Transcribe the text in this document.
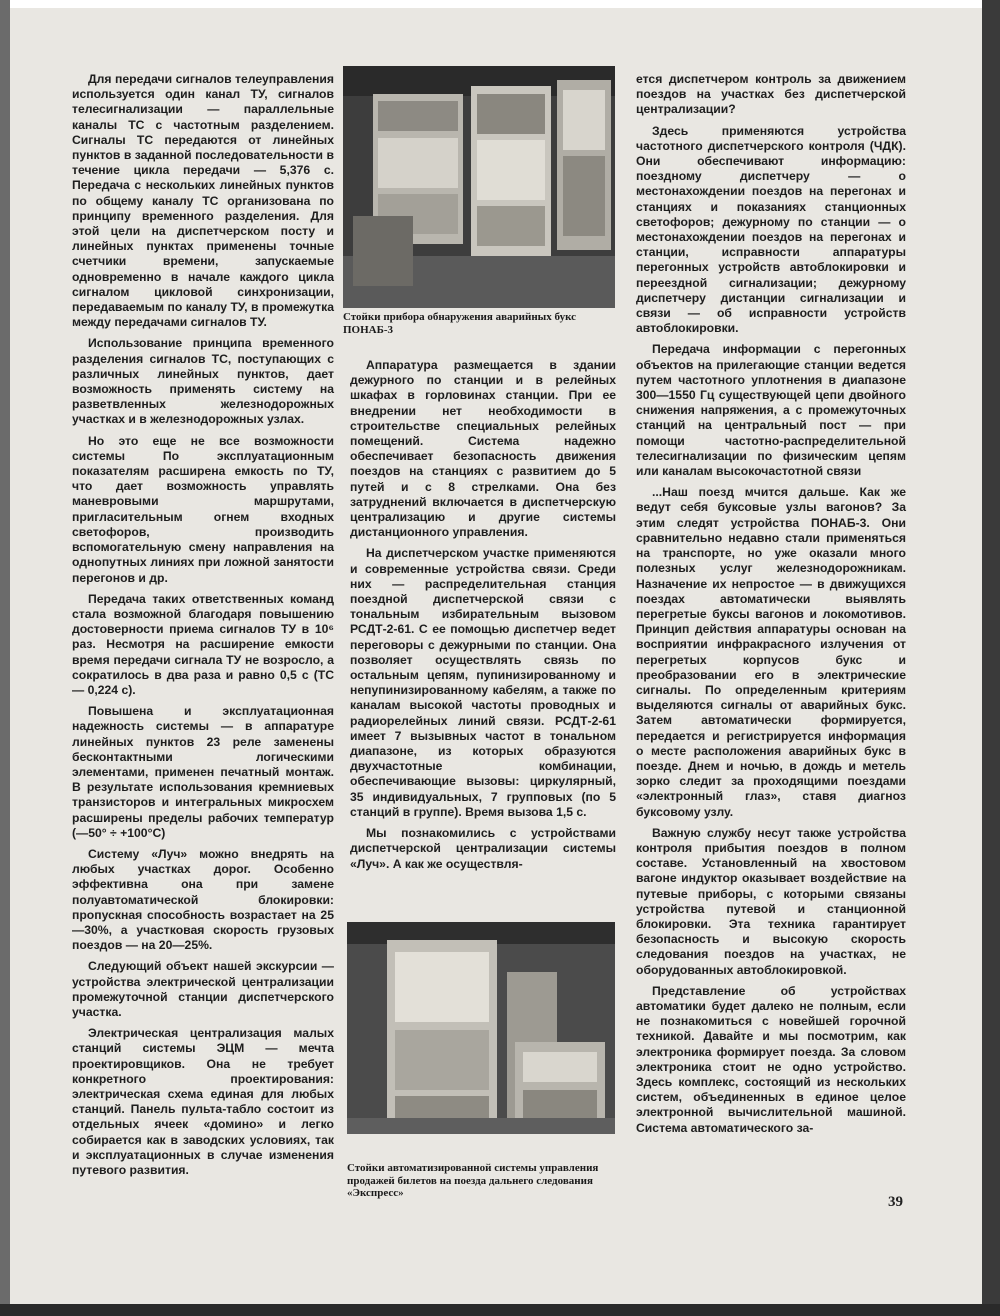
Для передачи сигналов телеуправления используется один канал ТУ, сигналов телесигнализации — параллельные каналы ТС с частотным разделением. Сигналы ТС передаются от линейных пунктов в заданной последовательности в течение цикла передачи — 5,376 с. Передача с нескольких линейных пунктов по общему каналу ТС организована по принципу временного разделения. Для этой цели на диспетчерском посту и линейных пунктах применены точные счетчики времени, запускаемые одновременно в начале каждого цикла сигналом цикловой синхронизации, передаваемым по каналу ТУ, в промежутка между передачами сигналов ТУ.

Использование принципа временного разделения сигналов ТС, поступающих с различных линейных пунктов, дает возможность применять систему на разветвленных железнодорожных участках и в железнодорожных узлах.

Но это еще не все возможности системы По эксплуатационным показателям расширена емкость по ТУ, что дает возможность управлять маневровыми маршрутами, пригласительным огнем входных светофоров, производить вспомогательную смену направления на однопутных линиях при ложной занятости перегонов и др.

Передача таких ответственных команд стала возможной благодаря повышению достоверности приема сигналов ТУ в 10⁶ раз. Несмотря на расширение емкости время передачи сигнала ТУ не возросло, а сократилось в два раза и равно 0,5 с (ТС — 0,224 с).

Повышена и эксплуатационная надежность системы — в аппаратуре линейных пунктов 23 реле заменены бесконтактными логическими элементами, применен печатный монтаж. В результате использования кремниевых транзисторов и интегральных микросхем расширены пределы рабочих температур (—50° ÷ +100°С)

Систему «Луч» можно внедрять на любых участках дорог. Особенно эффективна она при замене полуавтоматической блокировки: пропускная способность возрастает на 25—30%, а участковая скорость грузовых поездов — на 20—25%.

Следующий объект нашей экскурсии — устройства электрической централизации промежуточной станции диспетчерского участка.

Электрическая централизация малых станций системы ЭЦМ — мечта проектировщиков. Она не требует конкретного проектирования: электрическая схема единая для любых станций. Панель пульта-табло состоит из отдельных ячеек «домино» и легко собирается как в заводских условиях, так и эксплуатационных в случае изменения путевого развития.

Стойки прибора обнаружения аварийных букс ПОНАБ-3

Аппаратура размещается в здании дежурного по станции и в релейных шкафах в горловинах станции. При ее внедрении нет необходимости в строительстве специальных релейных помещений. Система надежно обеспечивает безопасность движения поездов на станциях с развитием до 5 путей и с 8 стрелками. Она без затруднений включается в диспетчерскую централизацию и другие системы дистанционного управления.

На диспетчерском участке применяются и современные устройства связи. Среди них — распределительная станция поездной диспетчерской связи с тональным избирательным вызовом РСДТ-2-61. С ее помощью диспетчер ведет переговоры с дежурными по станции. Она позволяет осуществлять связь по остальным цепям, пупинизированному и непупинизированному кабелям, а также по каналам высокой частоты проводных и радиорелейных линий связи. РСДТ-2-61 имеет 7 вызывных частот в тональном диапазоне, из которых образуются двухчастотные комбинации, обеспечивающие вызовы: циркулярный, 35 индивидуальных, 7 групповых (по 5 станций в группе). Время вызова 1,5 с.

Мы познакомились с устройствами диспетчерской централизации системы «Луч». А как же осуществля-

Стойки автоматизированной системы управления продажей билетов на поезда дальнего следования «Экспресс»

ется диспетчером контроль за движением поездов на участках без диспетчерской централизации?

Здесь применяются устройства частотного диспетчерского контроля (ЧДК). Они обеспечивают информацию: поездному диспетчеру — о местонахождении поездов на перегонах и станциях и показаниях станционных светофоров; дежурному по станции — о местонахождении поездов на перегонах и станции, исправности аппаратуры перегонных устройств автоблокировки и переездной сигнализации; дежурному диспетчеру дистанции сигнализации и связи — об исправности устройств автоблокировки.

Передача информации с перегонных объектов на прилегающие станции ведется путем частотного уплотнения в диапазоне 300—1550 Гц существующей цепи двойного снижения напряжения, а с промежуточных станций на центральный пост — при помощи частотно-распределительной телесигнализации по физическим цепям или каналам высокочастотной связи

...Наш поезд мчится дальше. Как же ведут себя буксовые узлы вагонов? За этим следят устройства ПОНАБ-3. Они сравнительно недавно стали применяться на транспорте, но уже оказали много полезных услуг железнодорожникам. Назначение их непростое — в движущихся поездах автоматически выявлять перегретые буксы вагонов и локомотивов. Принцип действия аппаратуры основан на восприятии инфракрасного излучения от перегретых корпусов букс и преобразовании его в электрические сигналы. По определенным критериям выделяются сигналы от аварийных букс. Затем автоматически формируется, передается и регистрируется информация о месте расположения аварийных букс в поезде. Днем и ночью, в дождь и метель зорко следит за проходящими поездами «электронный глаз», ставя диагноз буксовому узлу.

Важную службу несут также устройства контроля прибытия поездов в полном составе. Установленный на хвостовом вагоне индуктор оказывает воздействие на путевые приборы, с которыми связаны устройства путевой и станционной блокировки. Эта техника гарантирует безопасность и высокую скорость следования поездов на участках, не оборудованных автоблокировкой.

Представление об устройствах автоматики будет далеко не полным, если не познакомиться с новейшей горочной техникой. Давайте и мы посмотрим, как электроника формирует поезда. За словом электроника стоит не одно устройство. Здесь комплекс, состоящий из нескольких систем, объединенных в единое целое электронной вычислительной машиной. Система автоматического за-

39
